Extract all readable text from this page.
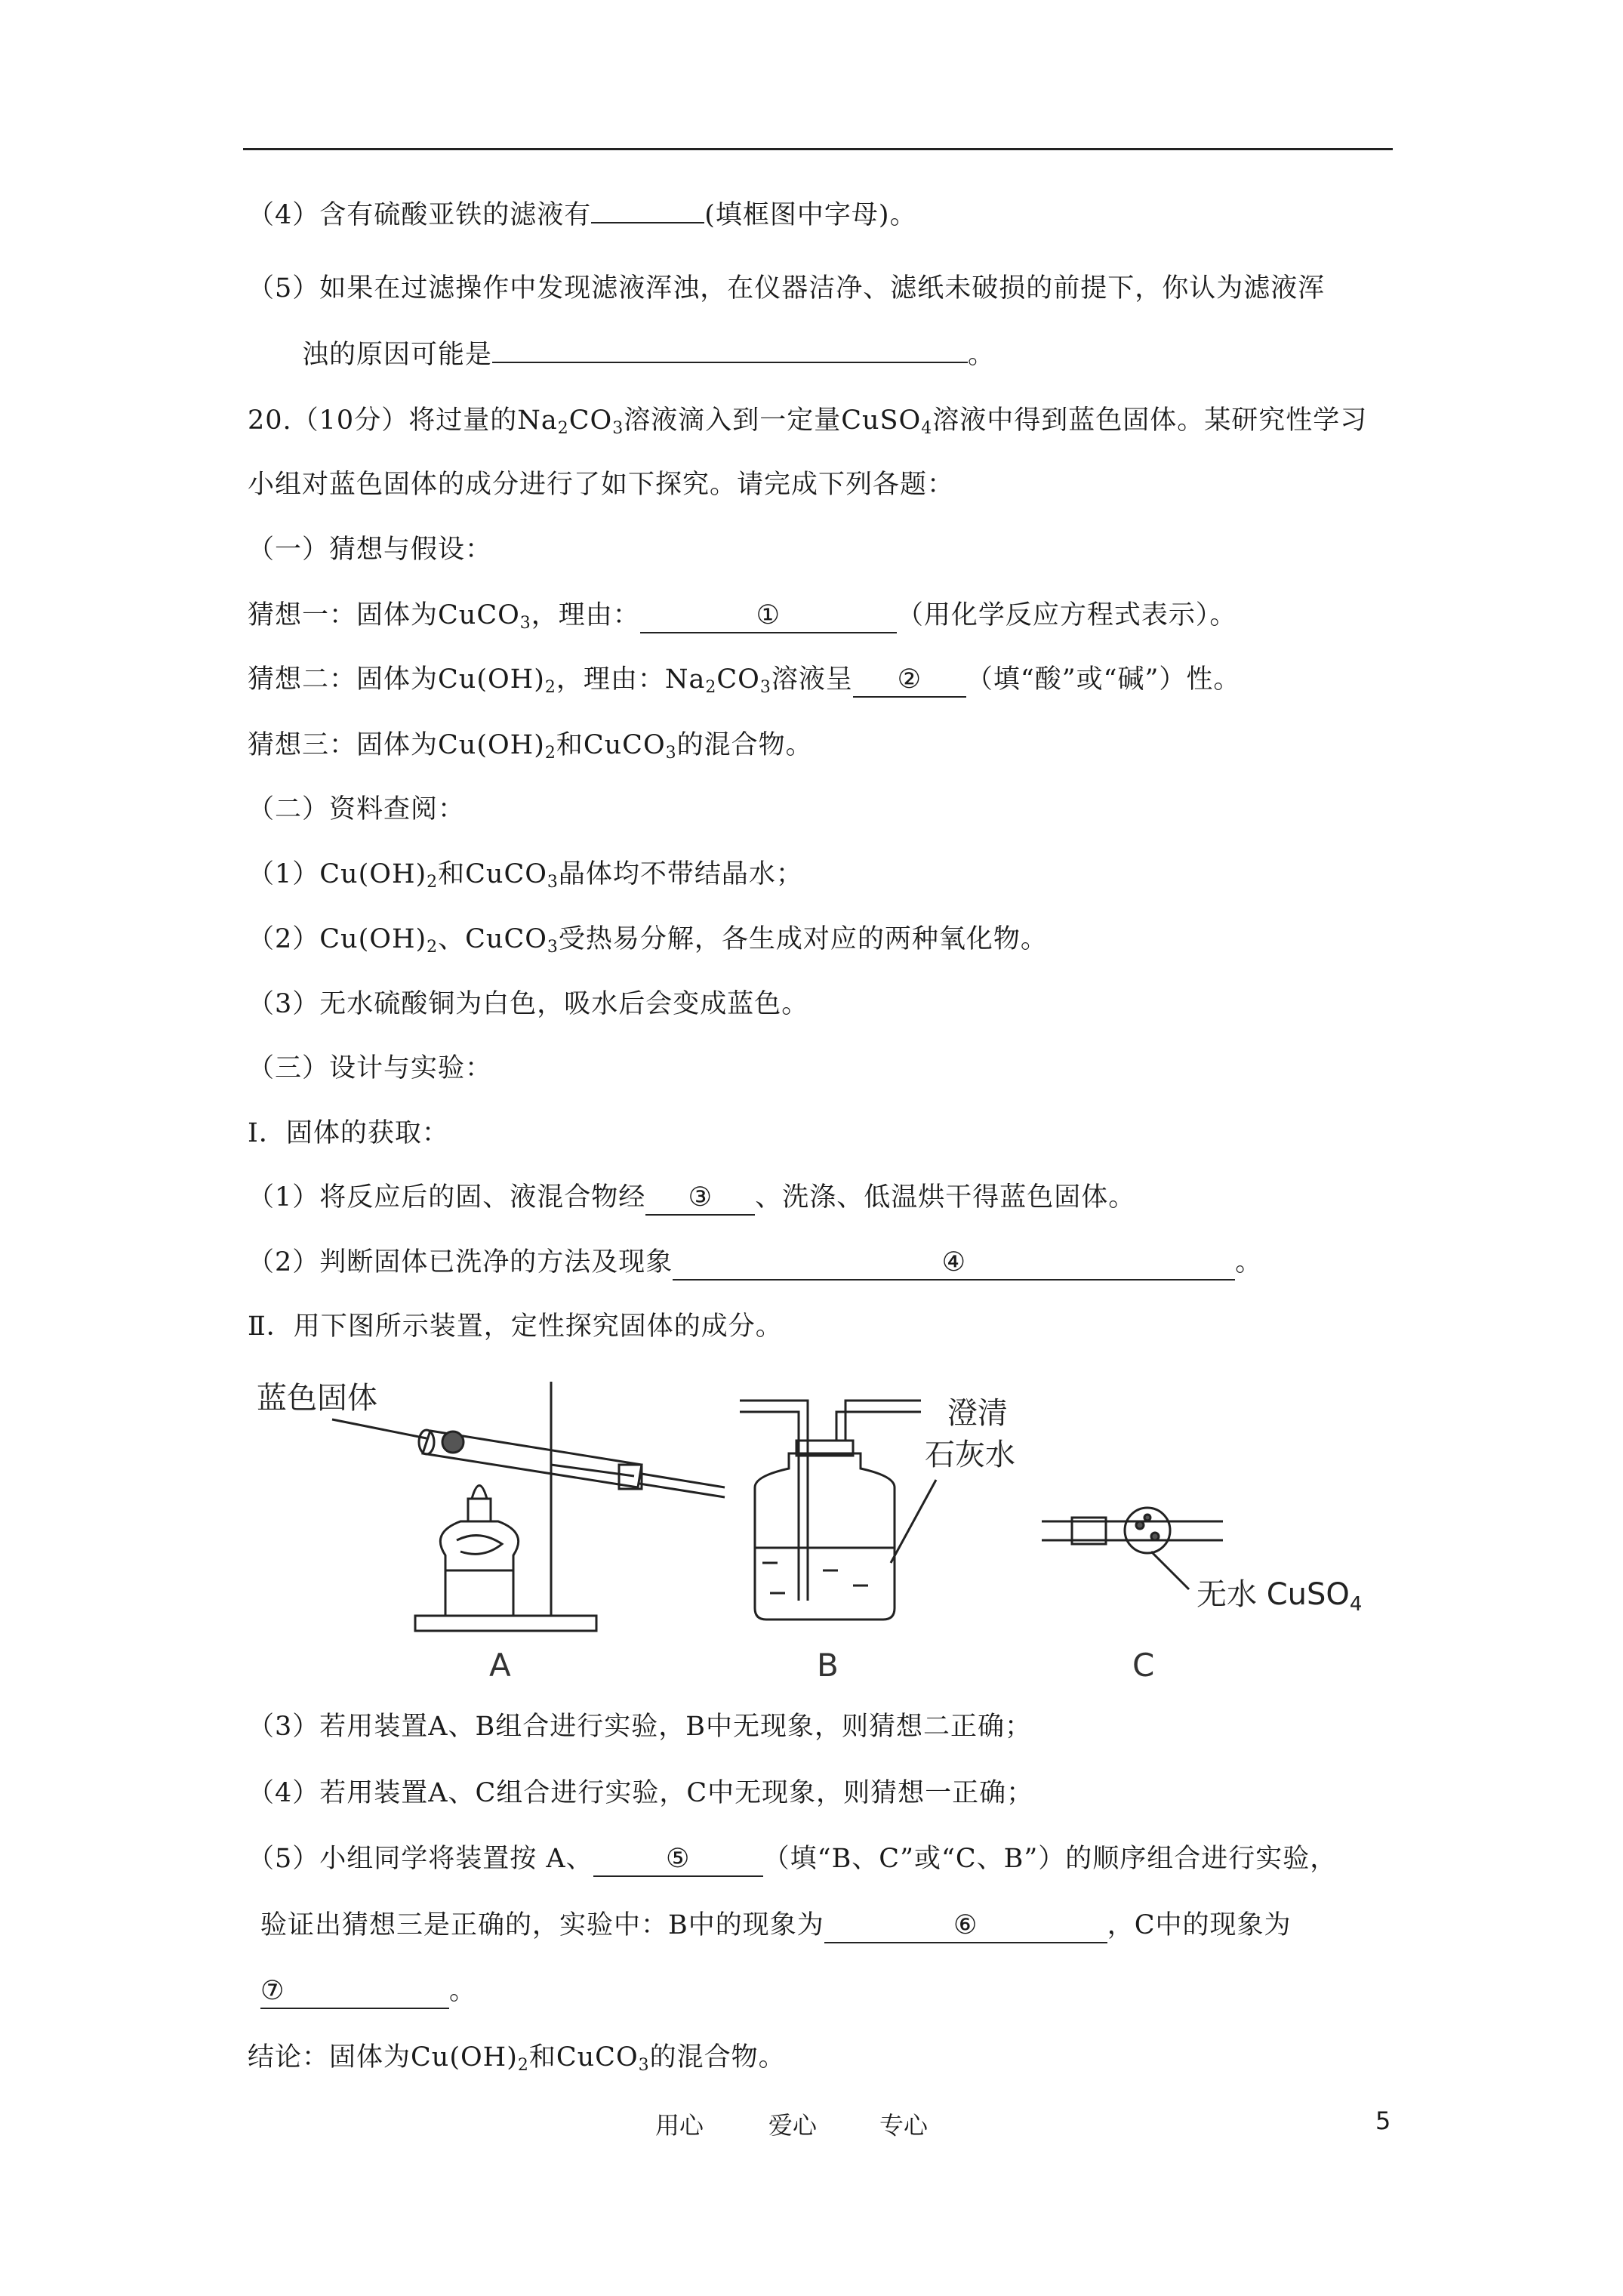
（4）含有硫酸亚铁的滤液有	(填框图中字母)。
（5）如果在过滤操作中发现滤液浑浊，在仪器洁净、滤纸未破损的前提下，你认为滤液浑
浊的原因可能是	。
20.（10分）将过量的$Na_2CO_3$溶液滴入到一定量CuSO$_4$溶液中得到蓝色固体。某研究性学习
小组对蓝色固体的成分进行了如下探究。请完成下列各题：
（一）猜想与假设：
猜想一：固体为CuCO$_3$，理由：	①	（用化学反应方程式表示）。
猜想二：固体为$Cu(OH)_2$，理由：$Na_2CO_3$溶液呈 ② （填“酸”或“碱”）性。
猜想三：固体为$Cu(OH)_2$和CuCO$_3$的混合物。
（二）资料查阅：
$(1)Cu(OH)_2$和CuCO$_3$晶体均不带结晶水；
$(2)Cu(OH)_2$、CuCO$_3$受热易分解，各生成对应的两种氧化物。
（3）无水硫酸铜为白色，吸水后会变成蓝色。
（三）设计与实验：
Ⅰ．固体的获取：
（1）将反应后的固、液混合物经 ③ 、洗涤、低温烘干得蓝色固体。
（2）判断固体已洗净的方法及现象	④	。
Ⅱ．用下图所示装置，定性探究固体的成分。
蓝色固体
A
澄清
石灰水
B
无水 CuSO$_4$
C
（3）若用装置A、B组合进行实验，B中无现象，则猜想二正确；
（4）若用装置A、C组合进行实验，C中无现象，则猜想一正确；
（5）小组同学将装置按 A、	⑤	（填“B、C”或“C、B”）的顺序组合进行实验，
验证出猜想三是正确的，实验中：B中的现象为	⑥	，C中的现象为
⑦	。
结论：固体为$Cu(OH)_2$和CuCO$_3$的混合物。
用心	爱心	专心	5
